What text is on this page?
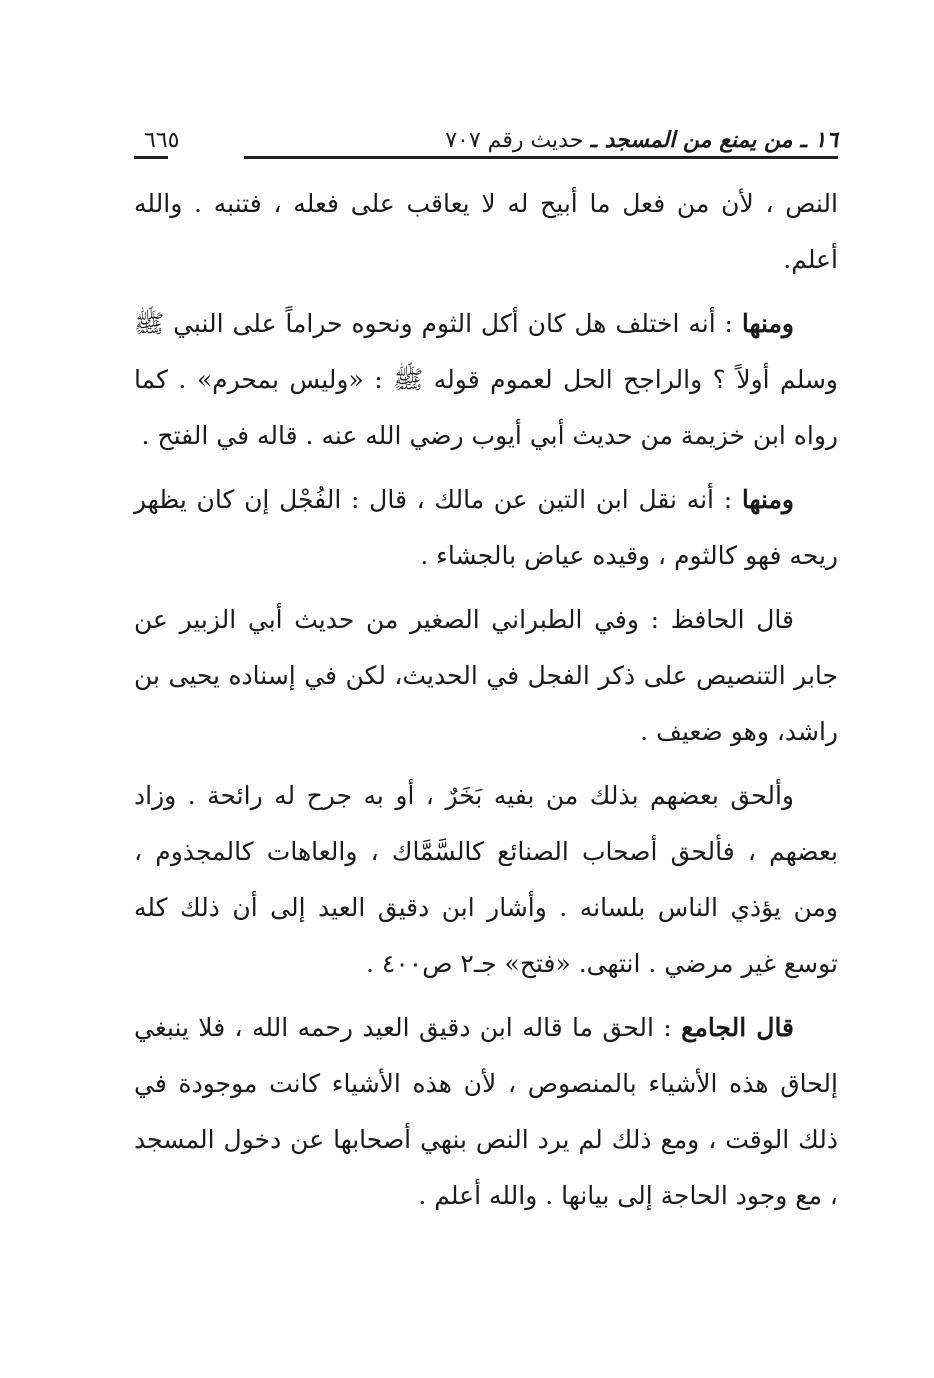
١٦ ـ من يمنع من المسجد ـ حديث رقم ٧٠٧
٦٦٥

النص ، لأن من فعل ما أبيح له لا يعاقب على فعله ، فتنبه . والله أعلم.

ومنها : أنه اختلف هل كان أكل الثوم ونحوه حراماً على النبي ﷺ وسلم أولاً ؟ والراجح الحل لعموم قوله ﷺ : «وليس بمحرم» . كما رواه ابن خزيمة من حديث أبي أيوب رضي الله عنه . قاله في الفتح .

ومنها : أنه نقل ابن التين عن مالك ، قال : الفُجْل إن كان يظهر ريحه فهو كالثوم ، وقيده عياض بالجشاء .

قال الحافظ : وفي الطبراني الصغير من حديث أبي الزبير عن جابر التنصيص على ذكر الفجل في الحديث، لكن في إسناده يحيى بن راشد، وهو ضعيف .

وألحق بعضهم بذلك من بفيه بَخَرٌ ، أو به جرح له رائحة . وزاد بعضهم ، فألحق أصحاب الصنائع كالسَّمَّاك ، والعاهات كالمجذوم ، ومن يؤذي الناس بلسانه . وأشار ابن دقيق العيد إلى أن ذلك كله توسع غير مرضي . انتهى. «فتح» جـ٢ ص٤٠٠ .

قال الجامع : الحق ما قاله ابن دقيق العيد رحمه الله ، فلا ينبغي إلحاق هذه الأشياء بالمنصوص ، لأن هذه الأشياء كانت موجودة في ذلك الوقت ، ومع ذلك لم يرد النص بنهي أصحابها عن دخول المسجد ، مع وجود الحاجة إلى بيانها . والله أعلم .
